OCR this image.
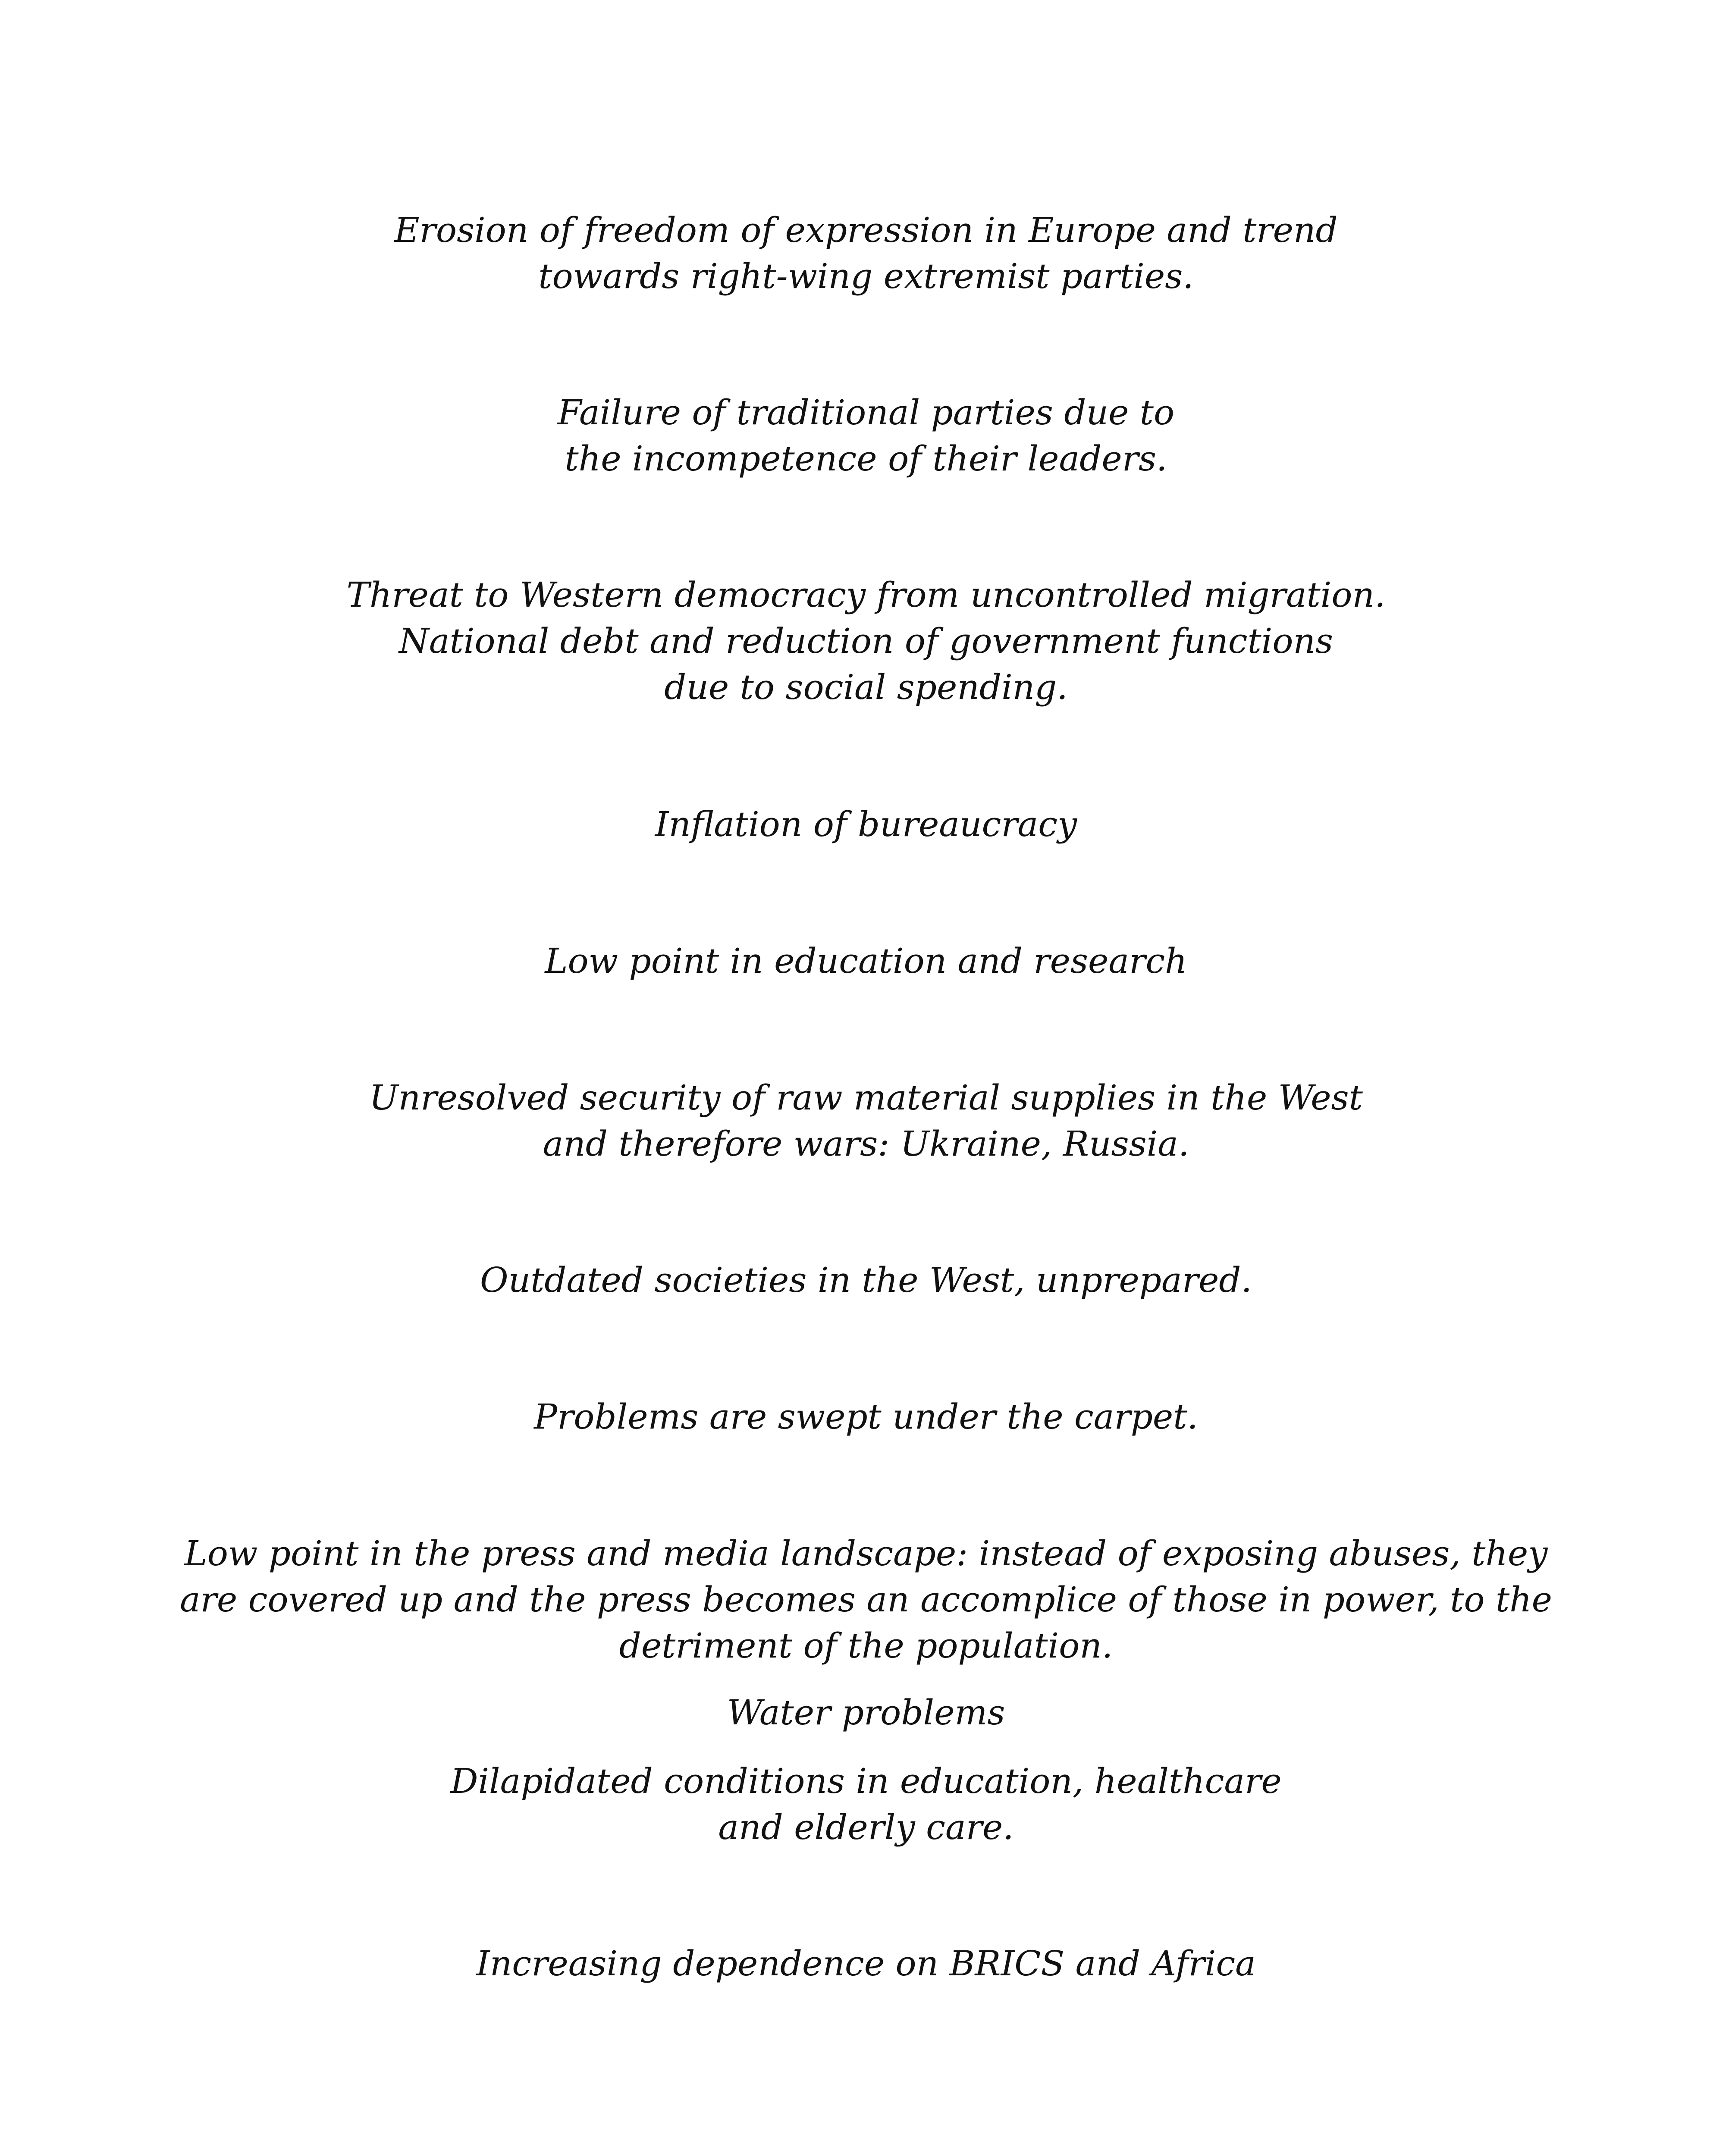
Erosion of freedom of expression in Europe and trend
towards right-wing extremist parties.

Failure of traditional parties due to
the incompetence of their leaders.

Threat to Western democracy from uncontrolled migration.
National debt and reduction of government functions
due to social spending.

Inflation of bureaucracy

Low point in education and research

Unresolved security of raw material supplies in the West
and therefore wars: Ukraine, Russia.

Outdated societies in the West, unprepared.

Problems are swept under the carpet.

Low point in the press and media landscape: instead of exposing abuses, they
are covered up and the press becomes an accomplice of those in power, to the
detriment of the population.

Water problems

Dilapidated conditions in education, healthcare
and elderly care.

Increasing dependence on BRICS and Africa
